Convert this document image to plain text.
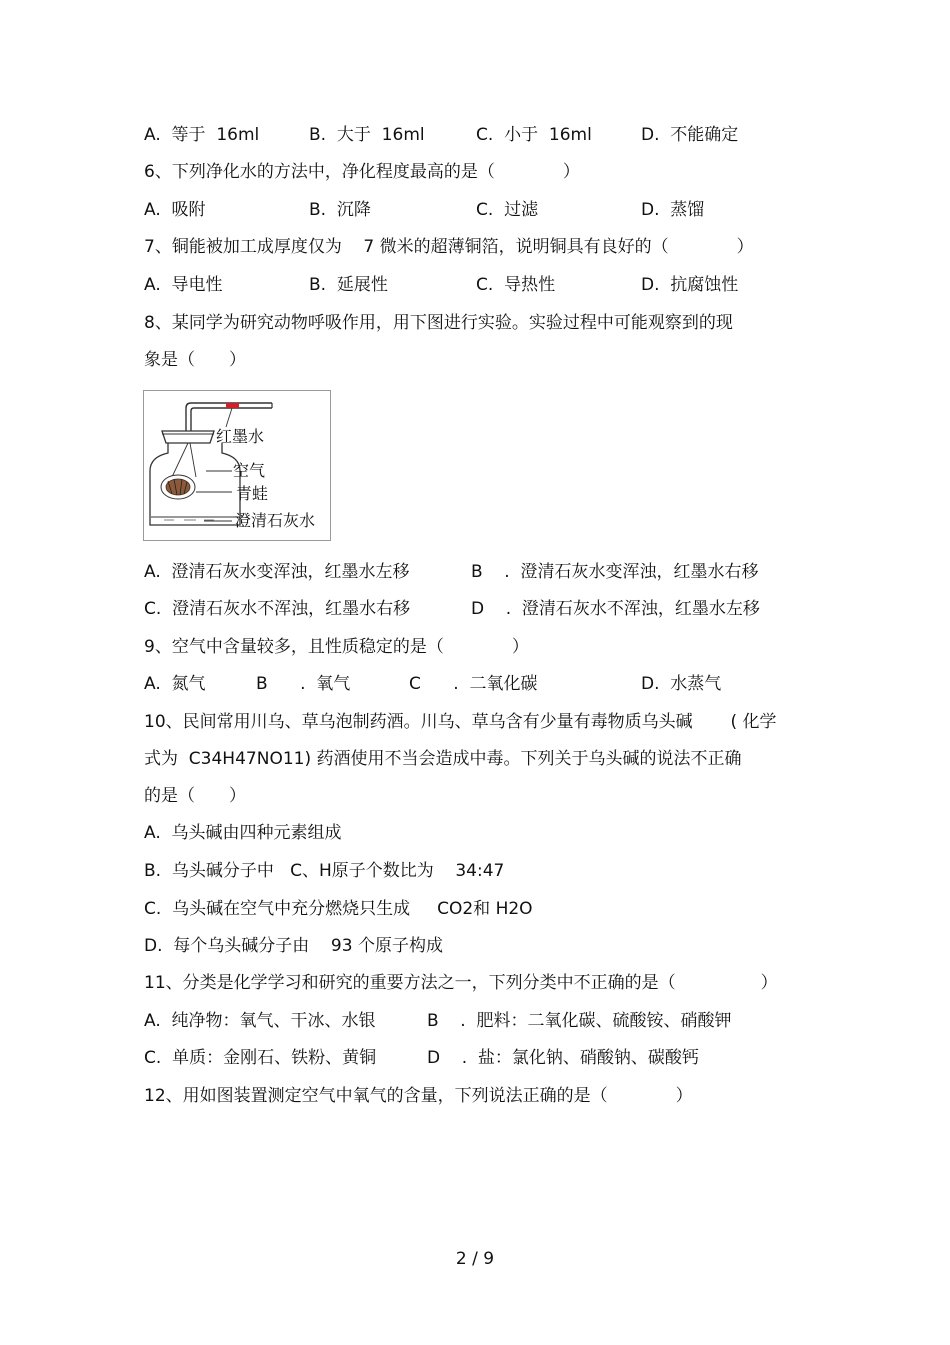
A.  等于  16ml	B.  大于  16ml	C.  小于  16ml	D.  不能确定
6、下列净化水的方法中，净化程度最高的是（　　　　）
A.  吸附	B.  沉降	C.  过滤	D.  蒸馏
7、铜能被加工成厚度仅为    7 微米的超薄铜箔，说明铜具有良好的（　　　　）
A.  导电性	B.  延展性	C.  导热性	D.  抗腐蚀性
8、某同学为研究动物呼吸作用，用下图进行实验。实验过程中可能观察到的现
象是（　　）
红墨水
空气
青蛙
澄清石灰水
A.  澄清石灰水变浑浊，红墨水左移	B    .  澄清石灰水变浑浊，红墨水右移
C.  澄清石灰水不浑浊，红墨水右移	D    .  澄清石灰水不浑浊，红墨水左移
9、空气中含量较多，且性质稳定的是（　　　　）
A.  氮气	B      .  氧气	C      .  二氧化碳	D.  水蒸气
10、民间常用川乌、草乌泡制药酒。川乌、草乌含有少量有毒物质乌头碱       ( 化学
式为  C34H47NO11) 药酒使用不当会造成中毒。下列关于乌头碱的说法不正确
的是（　　）
A.  乌头碱由四种元素组成
B.  乌头碱分子中   C、H原子个数比为    34:47
C.  乌头碱在空气中充分燃烧只生成     CO2和 H2O
D.  每个乌头碱分子由    93 个原子构成
11、分类是化学学习和研究的重要方法之一，下列分类中不正确的是（　　　　　）
A.  纯净物：氧气、干冰、水银	B    .  肥料：二氧化碳、硫酸铵、硝酸钾
C.  单质：金刚石、铁粉、黄铜	D    .  盐：氯化钠、硝酸钠、碳酸钙
12、用如图装置测定空气中氧气的含量，下列说法正确的是（　　　　）
2 / 9
